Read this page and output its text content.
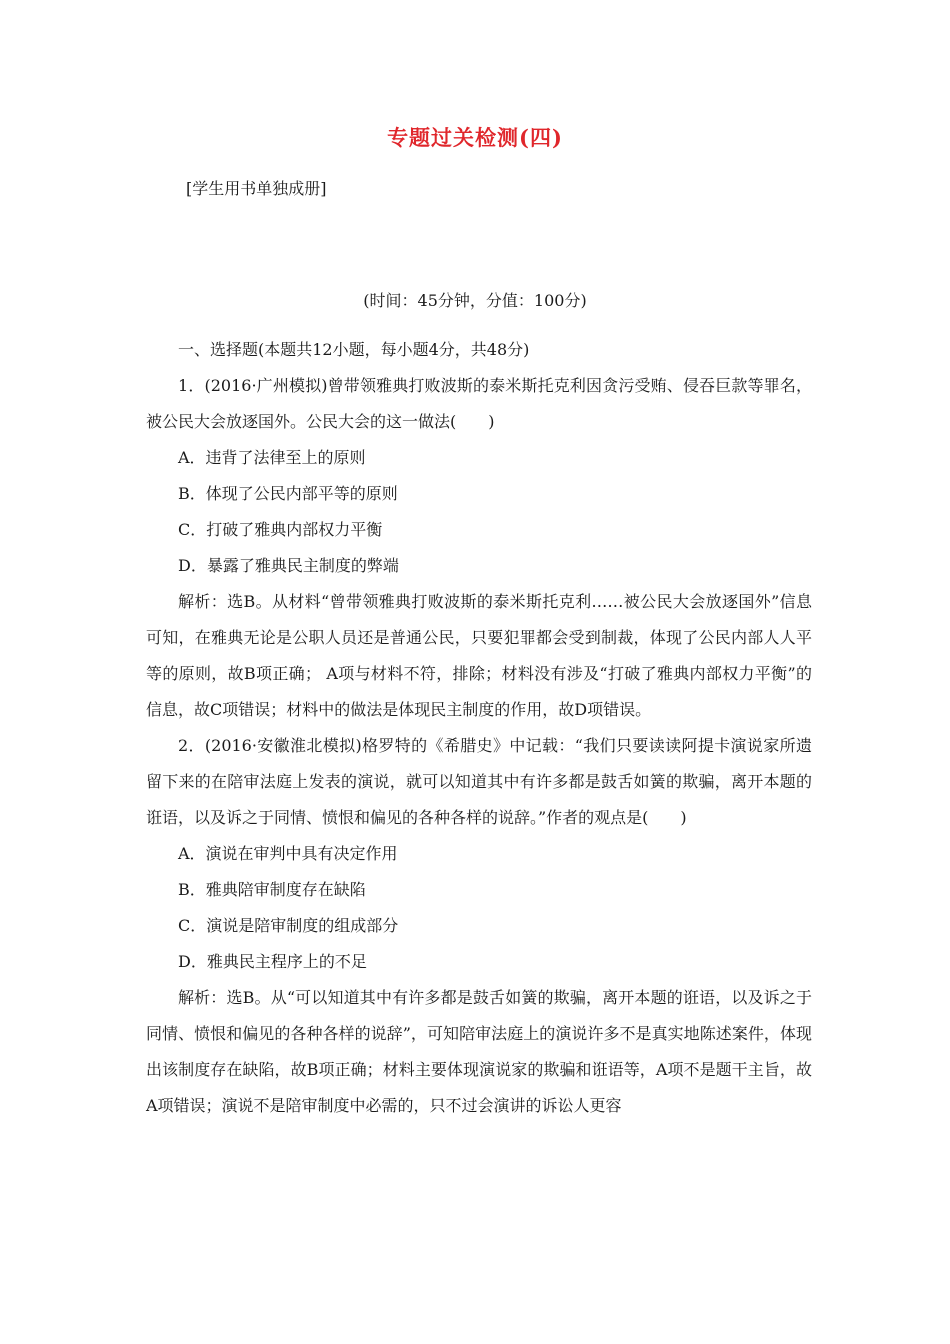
专题过关检测(四)
[学生用书单独成册]
(时间：45分钟，分值：100分)

一、选择题(本题共12小题，每小题4分，共48分)

1．(2016·广州模拟)曾带领雅典打败波斯的泰米斯托克利因贪污受贿、侵吞巨款等罪名，被公民大会放逐国外。公民大会的这一做法(　　)

A．违背了法律至上的原则

B．体现了公民内部平等的原则

C．打破了雅典内部权力平衡

D．暴露了雅典民主制度的弊端

解析：选B。从材料“曾带领雅典打败波斯的泰米斯托克利……被公民大会放逐国外”信息可知，在雅典无论是公职人员还是普通公民，只要犯罪都会受到制裁，体现了公民内部人人平等的原则，故B项正确； A项与材料不符，排除；材料没有涉及“打破了雅典内部权力平衡”的信息，故C项错误；材料中的做法是体现民主制度的作用，故D项错误。

2．(2016·安徽淮北模拟)格罗特的《希腊史》中记载：“我们只要读读阿提卡演说家所遗留下来的在陪审法庭上发表的演说，就可以知道其中有许多都是鼓舌如簧的欺骗，离开本题的诳语，以及诉之于同情、愤恨和偏见的各种各样的说辞。”作者的观点是(　　)

A．演说在审判中具有决定作用

B．雅典陪审制度存在缺陷

C．演说是陪审制度的组成部分

D．雅典民主程序上的不足

解析：选B。从“可以知道其中有许多都是鼓舌如簧的欺骗，离开本题的诳语，以及诉之于同情、愤恨和偏见的各种各样的说辞”，可知陪审法庭上的演说许多不是真实地陈述案件，体现出该制度存在缺陷，故B项正确；材料主要体现演说家的欺骗和诳语等，A项不是题干主旨，故A项错误；演说不是陪审制度中必需的，只不过会演讲的诉讼人更容
